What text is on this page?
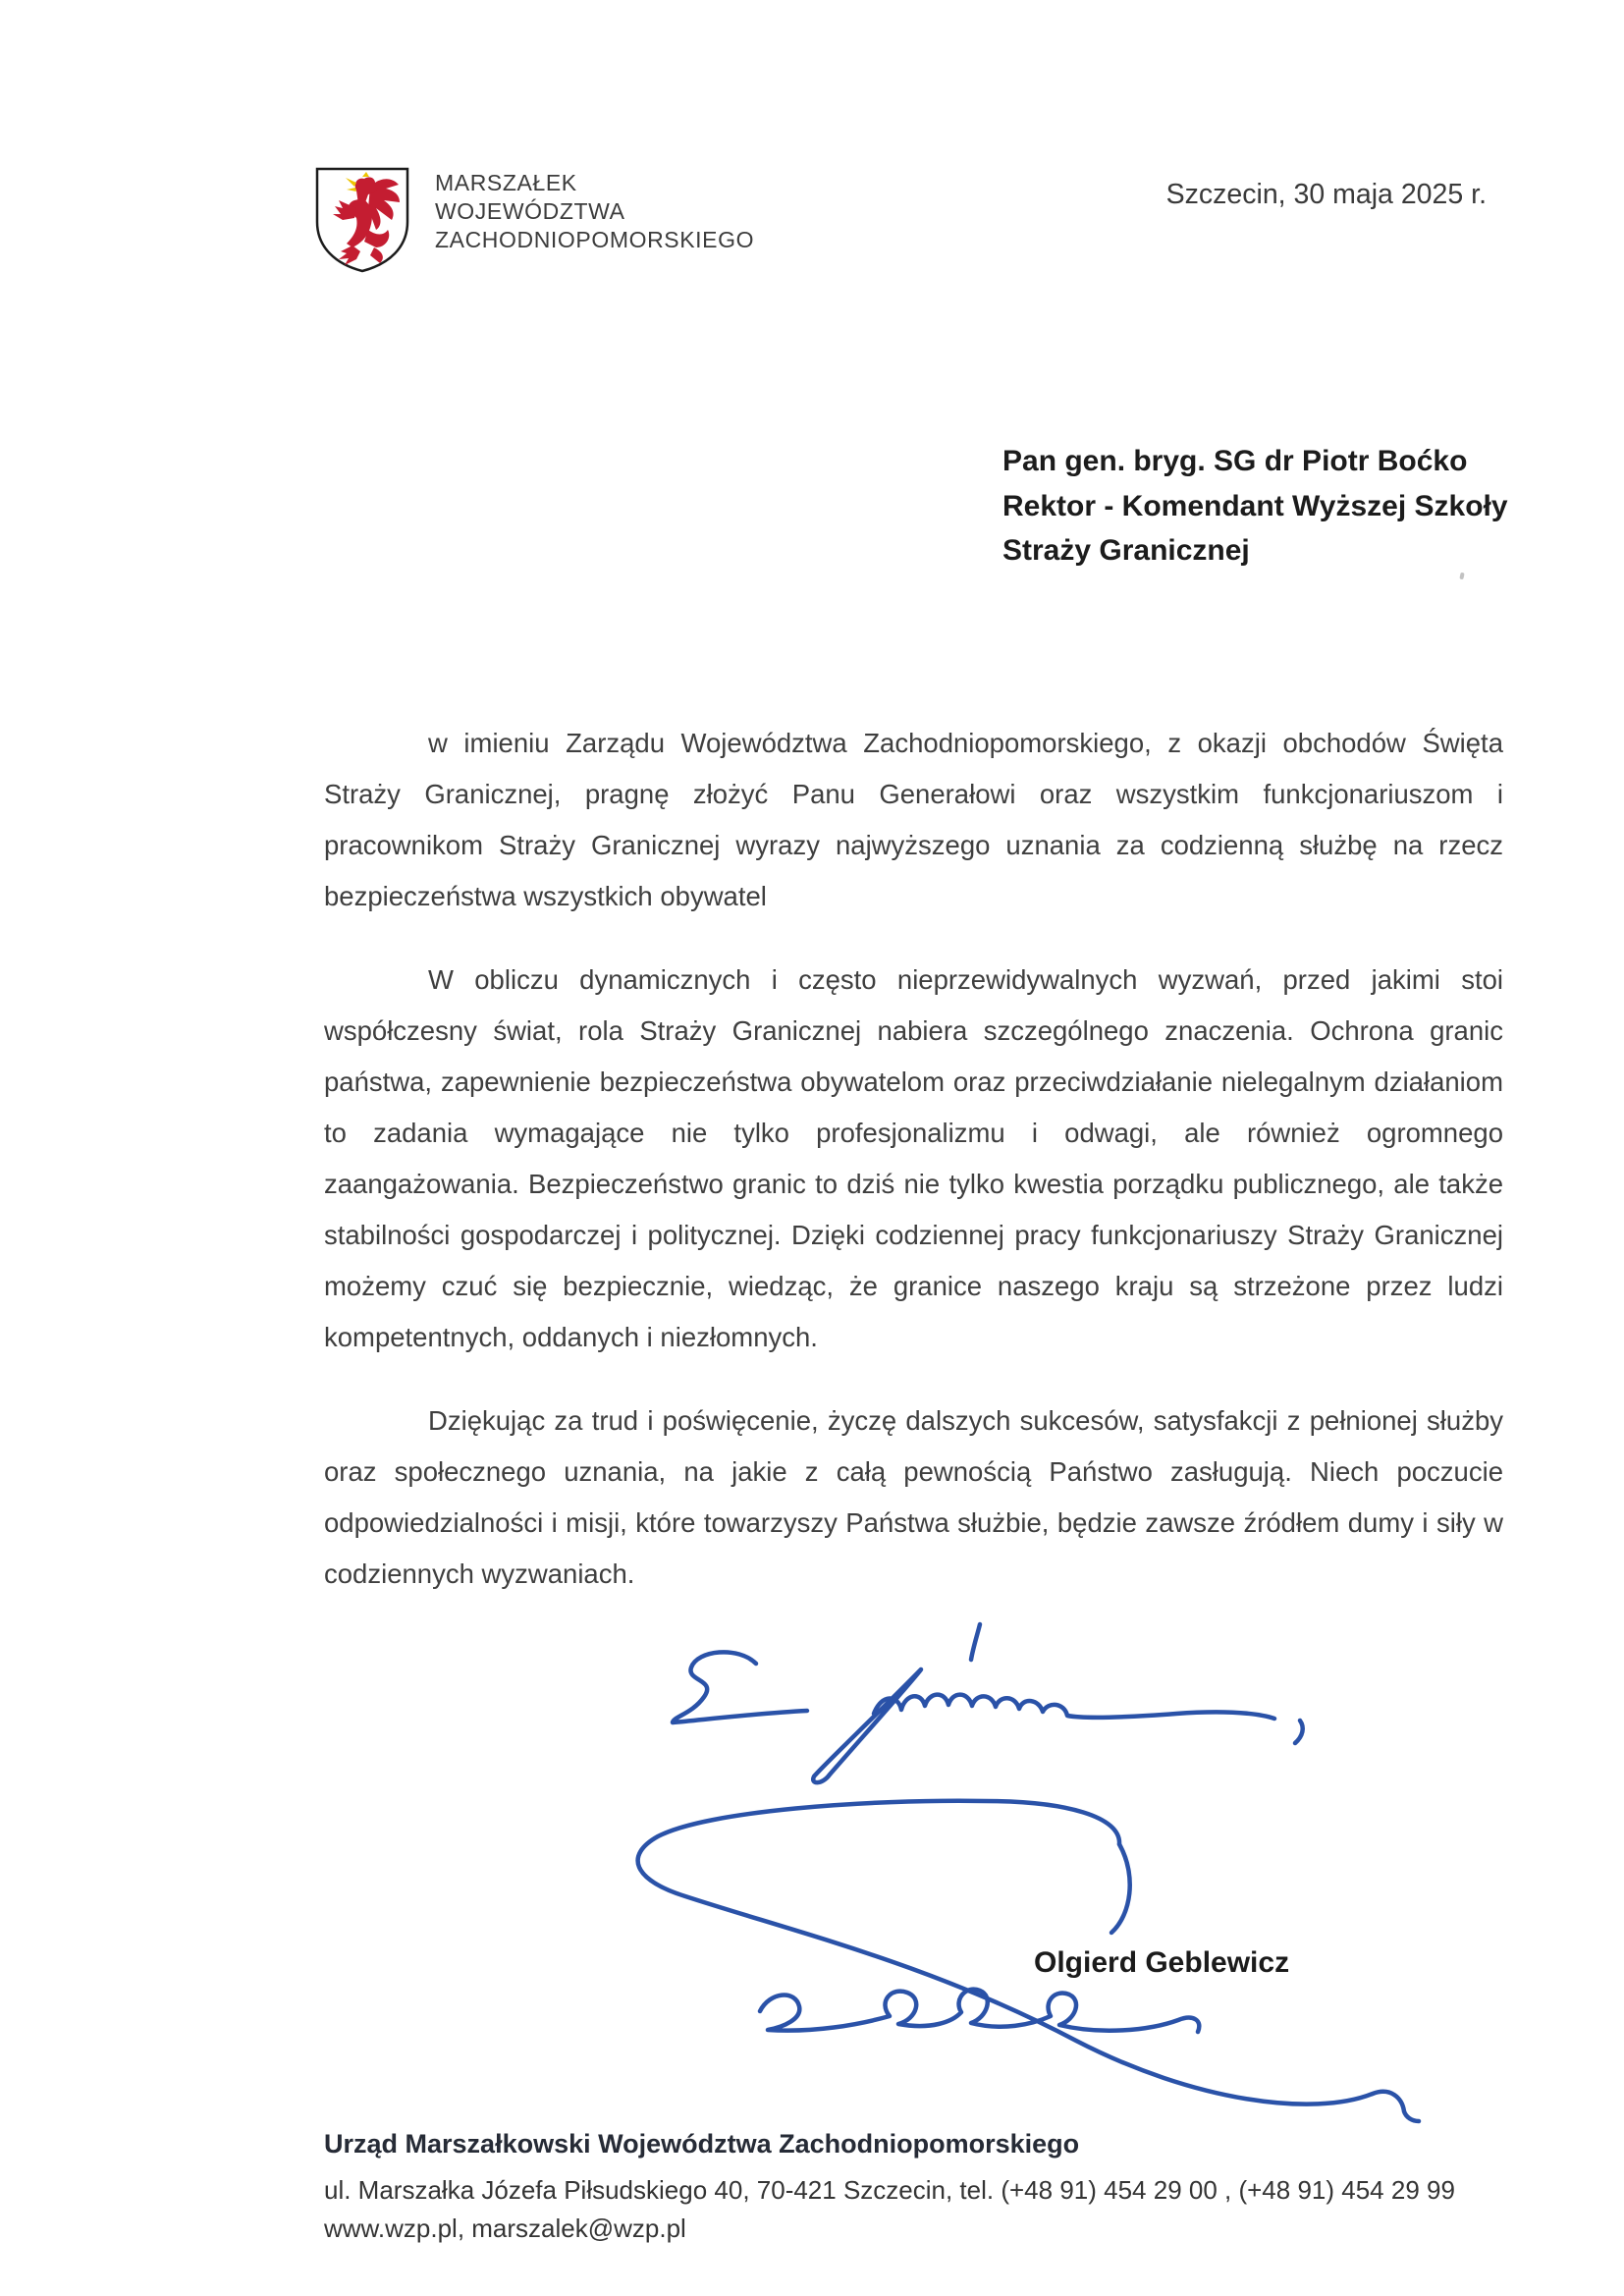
MARSZAŁEK
WOJEWÓDZTWA
ZACHODNIOPOMORSKIEGO
Szczecin, 30 maja 2025 r.
Pan gen. bryg. SG dr Piotr Boćko
Rektor - Komendant Wyższej Szkoły
Straży Granicznej

w imieniu Zarządu Województwa Zachodniopomorskiego, z okazji obchodów Święta Straży Granicznej, pragnę złożyć Panu Generałowi oraz wszystkim funkcjonariuszom i pracownikom Straży Granicznej wyrazy najwyższego uznania za codzienną służbę na rzecz bezpieczeństwa wszystkich obywatel

W obliczu dynamicznych i często nieprzewidywalnych wyzwań, przed jakimi stoi współczesny świat, rola Straży Granicznej nabiera szczególnego znaczenia. Ochrona granic państwa, zapewnienie bezpieczeństwa obywatelom oraz przeciwdziałanie nielegalnym działaniom to zadania wymagające nie tylko profesjonalizmu i odwagi, ale również ogromnego zaangażowania. Bezpieczeństwo granic to dziś nie tylko kwestia porządku publicznego, ale także stabilności gospodarczej i politycznej. Dzięki codziennej pracy funkcjonariuszy Straży Granicznej możemy czuć się bezpiecznie, wiedząc, że granice naszego kraju są strzeżone przez ludzi kompetentnych, oddanych i niezłomnych.

Dziękując za trud i poświęcenie, życzę dalszych sukcesów, satysfakcji z pełnionej służby oraz społecznego uznania, na jakie z całą pewnością Państwo zasługują. Niech poczucie odpowiedzialności i misji, które towarzyszy Państwa służbie, będzie zawsze źródłem dumy i siły w codziennych wyzwaniach.

Olgierd Geblewicz

Urząd Marszałkowski Województwa Zachodniopomorskiego

ul. Marszałka Józefa Piłsudskiego 40, 70-421 Szczecin, tel. (+48 91) 454 29 00 , (+48 91) 454 29 99

www.wzp.pl, marszalek@wzp.pl
